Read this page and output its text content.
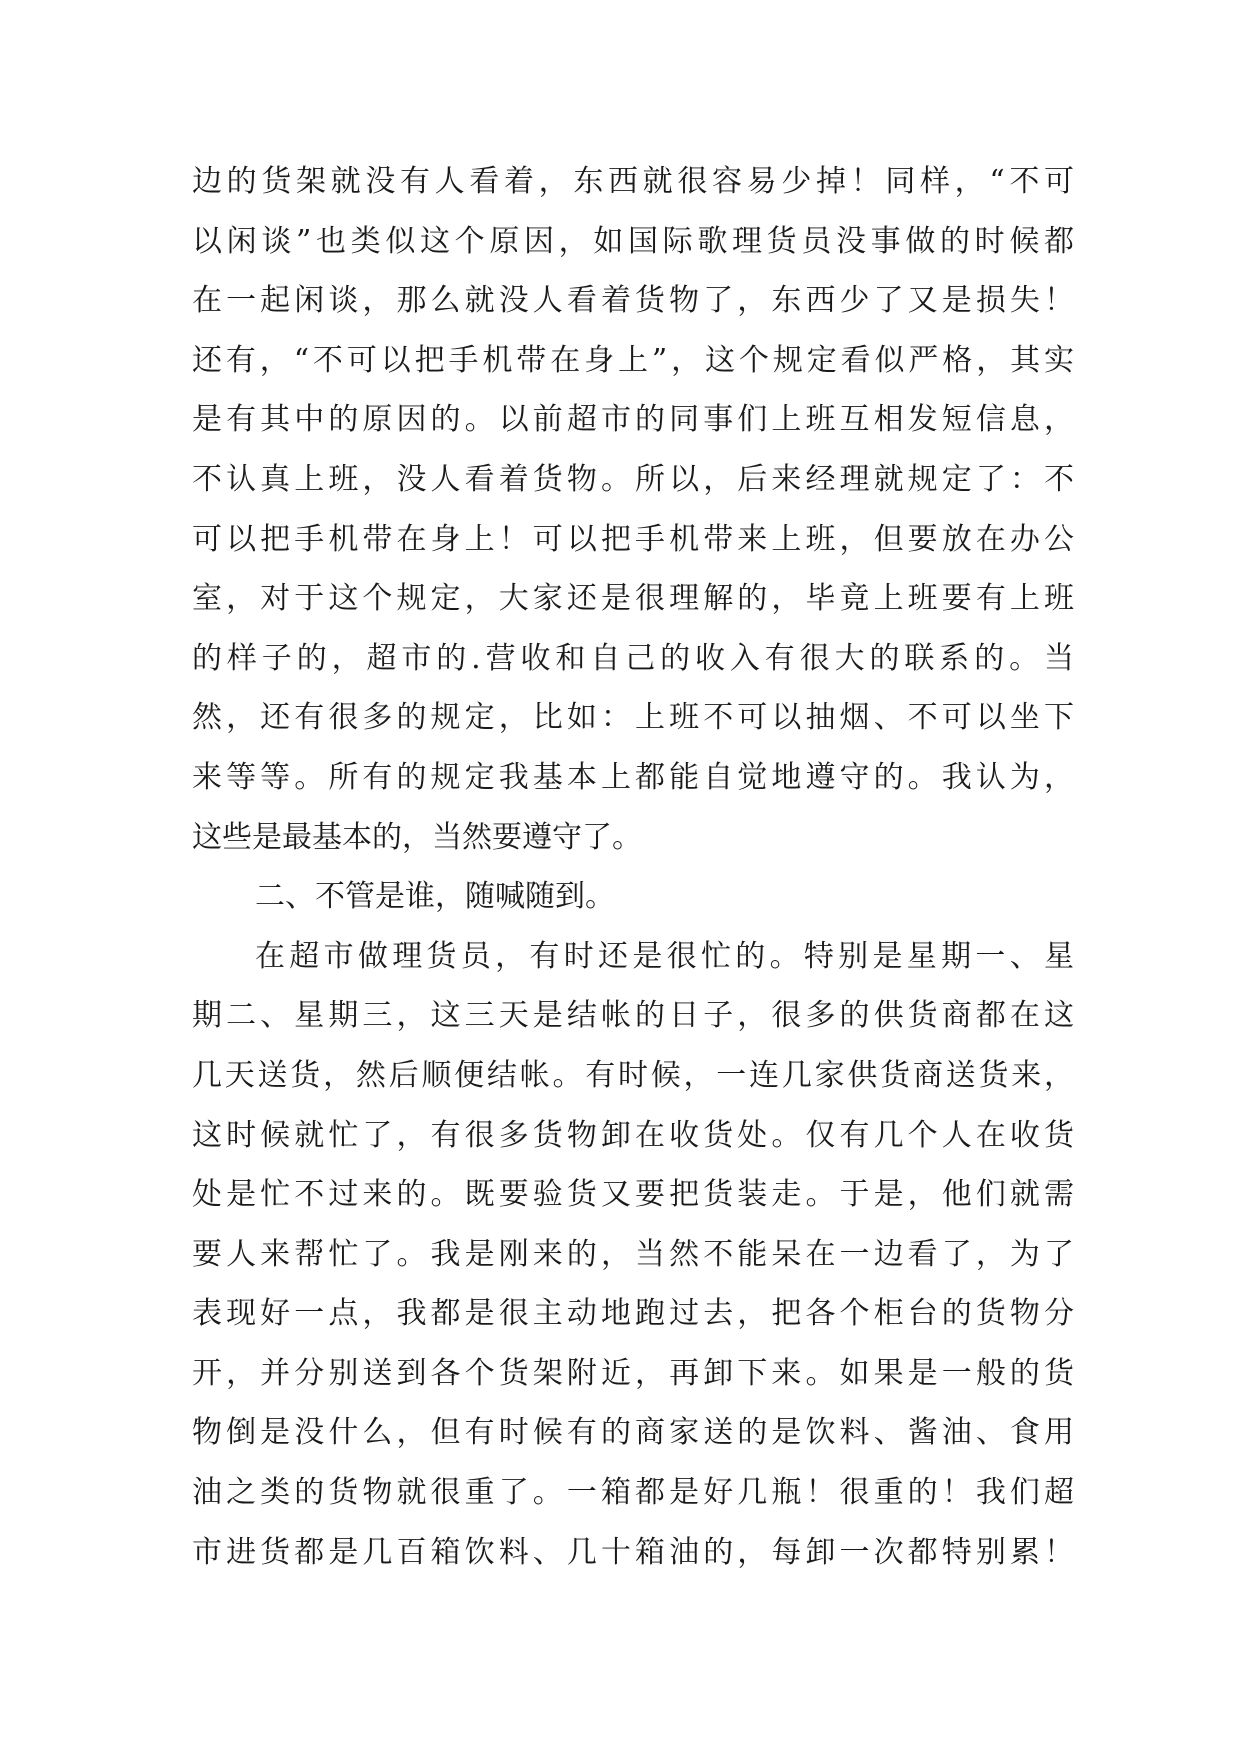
边的货架就没有人看着，东西就很容易少掉！同样，“不可
以闲谈”也类似这个原因，如国际歌理货员没事做的时候都
在一起闲谈，那么就没人看着货物了，东西少了又是损失！
还有，“不可以把手机带在身上”，这个规定看似严格，其实
是有其中的原因的。以前超市的同事们上班互相发短信息，
不认真上班，没人看着货物。所以，后来经理就规定了：不
可以把手机带在身上！可以把手机带来上班，但要放在办公
室，对于这个规定，大家还是很理解的，毕竟上班要有上班
的样子的，超市的.营收和自己的收入有很大的联系的。当
然，还有很多的规定，比如：上班不可以抽烟、不可以坐下
来等等。所有的规定我基本上都能自觉地遵守的。我认为，
这些是最基本的，当然要遵守了。
二、不管是谁，随喊随到。
在超市做理货员，有时还是很忙的。特别是星期一、星
期二、星期三，这三天是结帐的日子，很多的供货商都在这
几天送货，然后顺便结帐。有时候，一连几家供货商送货来，
这时候就忙了，有很多货物卸在收货处。仅有几个人在收货
处是忙不过来的。既要验货又要把货装走。于是，他们就需
要人来帮忙了。我是刚来的，当然不能呆在一边看了，为了
表现好一点，我都是很主动地跑过去，把各个柜台的货物分
开，并分别送到各个货架附近，再卸下来。如果是一般的货
物倒是没什么，但有时候有的商家送的是饮料、酱油、食用
油之类的货物就很重了。一箱都是好几瓶！很重的！我们超
市进货都是几百箱饮料、几十箱油的，每卸一次都特别累！
